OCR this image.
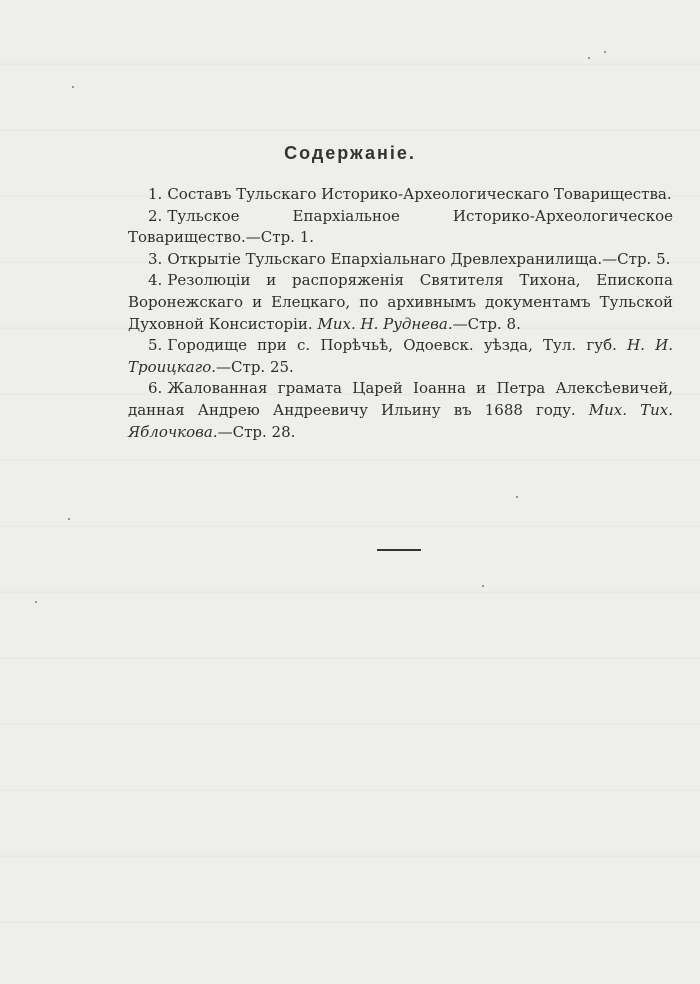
Содержаніе.

1. Составъ Тульскаго Историко-Археологическаго Товарищества.

2. Тульское Епархіальное Историко-Археологическое Товарищество.—Стр. 1.

3. Открытіе Тульскаго Епархіальнаго Древлехранилища.—Стр. 5.

4. Резолюціи и распоряженія Святителя Тихона, Епископа Воронежскаго и Елецкаго, по архивнымъ документамъ Тульской Духовной Консисторіи. Мих. Н. Руднева.—Стр. 8.

5. Городище при с. Порѣчьѣ, Одоевск. уѣзда, Тул. губ. Н. И. Троицкаго.—Стр. 25.

6. Жалованная грамата Царей Іоанна и Петра Алексѣевичей, данная Андрею Андреевичу Ильину въ 1688 году. Мих. Тих. Яблочкова.—Стр. 28.
